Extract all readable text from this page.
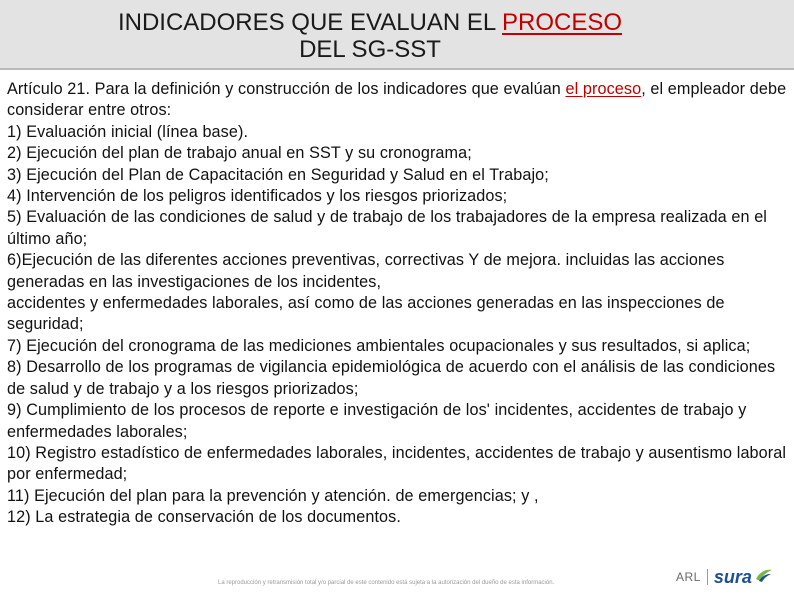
INDICADORES QUE EVALUAN EL PROCESO
DEL SG-SST

Artículo 21. Para la definición y construcción de los indicadores que evalúan el proceso, el empleador debe considerar entre otros:

1) Evaluación inicial (línea base).

2) Ejecución del plan de trabajo anual en SST y su cronograma;

3) Ejecución del Plan de Capacitación en Seguridad y Salud en el Trabajo;

4) Intervención de los peligros identificados y los riesgos priorizados;

5) Evaluación de las condiciones de salud y de trabajo de los trabajadores de la empresa realizada en el último año;

6)Ejecución de las diferentes acciones preventivas, correctivas Y de mejora. incluidas las acciones generadas en las investigaciones de los incidentes,

accidentes y enfermedades laborales, así como de las acciones generadas en las inspecciones de seguridad;

7) Ejecución del cronograma de las mediciones ambientales ocupacionales y sus resultados, si aplica;

8) Desarrollo de los programas de vigilancia epidemiológica de acuerdo con el análisis de las condiciones de salud y de trabajo y a los riesgos priorizados;

9) Cumplimiento de los procesos de reporte e investigación de los' incidentes, accidentes de trabajo y enfermedades laborales;

10) Registro estadístico de enfermedades laborales, incidentes, accidentes de trabajo y ausentismo laboral por enfermedad;

11) Ejecución del plan para la prevención y atención. de emergencias; y ,

12) La estrategia de conservación de los documentos.

La reproducción y retransmisión total y/o parcial de este contenido está sujeta a la autorización del dueño de esta información.	ARL sura
